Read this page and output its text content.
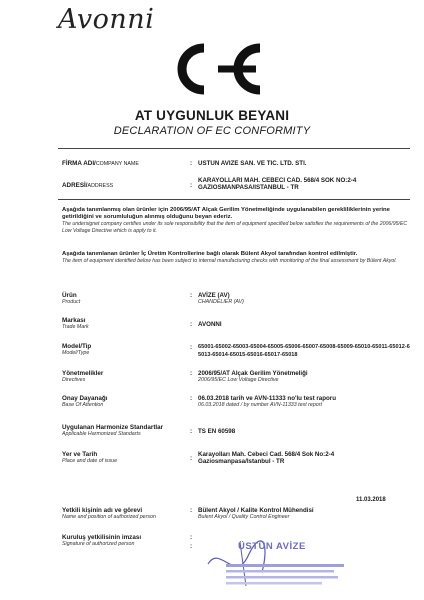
Avonni
AT UYGUNLUK BEYANI
DECLARATION OF EC CONFORMITY
FİRMA ADI/COMPANY NAME	: USTUN AVIZE SAN. VE TIC. LTD. STI.
ADRESİ/ADDRESS	:
KARAYOLLARI MAH. CEBECI CAD. 568/4 SOK NO:2-4
GAZIOSMANPASA/ISTANBUL - TR
Aşağıda tanımlanmış olan ürünler için 2006/95/AT Alçak Gerilim Yönetmeliğinde uygulanabilen gerekliliklerinin yerine getirildiğini ve sorumluluğun alınmış olduğunu beyan ederiz.
The undersignet company certifies under its sole responsibility that the item of equipment specified below satisfies the requirements of the 2006/95/EC Low Voltage Directive which is apply to it.
Aşağıda tanımlanan ürünler İç Üretim Kontrollerine bağlı olarak Bülent Akyol tarafından kontrol edilmiştir.
The item of equipment identified below has been subject to internal manufacturing checks with monitoring of the final assessment by Bülent Akyol.
Ürün
Product
: AVİZE (AV)
CHANDELIER (AV)
Markası
Trade Mark	: AVONNI
Model/Tip
Model/Type
: 65001-65002-65003-65004-65005-65006-65007-65008-65009-65010-65011-65012-65013-65014-65015-65016-65017-65018
Yönetmelikler
Directives
: 2006/95/AT Alçak Gerilim Yönetmeliği
2006/95/EC Low Voltage Directive
Onay Dayanağı
Base Of Attention
: 06.03.2018 tarih ve AVN-11333 no'lu test raporu
06.03.2018 dated / by number AVN-11333 test report
Uygulanan Harmonize Standartlar
Applicable Harmonized Standarts	: TS EN 60598
Yer ve Tarih
Place and date of issue	:
Karayolları Mah. Cebeci Cad. 568/4 Sok No:2-4 Gaziosmanpasa/Istanbul - TR
11.03.2018
Yetkili kişinin adı ve görevi
Name and position of authorized person
: Bülent Akyol / Kalite Kontrol Mühendisi
Bulent Akyol / Quality Control Engineer
Kuruluş yetkilisinin imzası
Signature of authorized person
:
:	ÜSTÜN AVİZE
